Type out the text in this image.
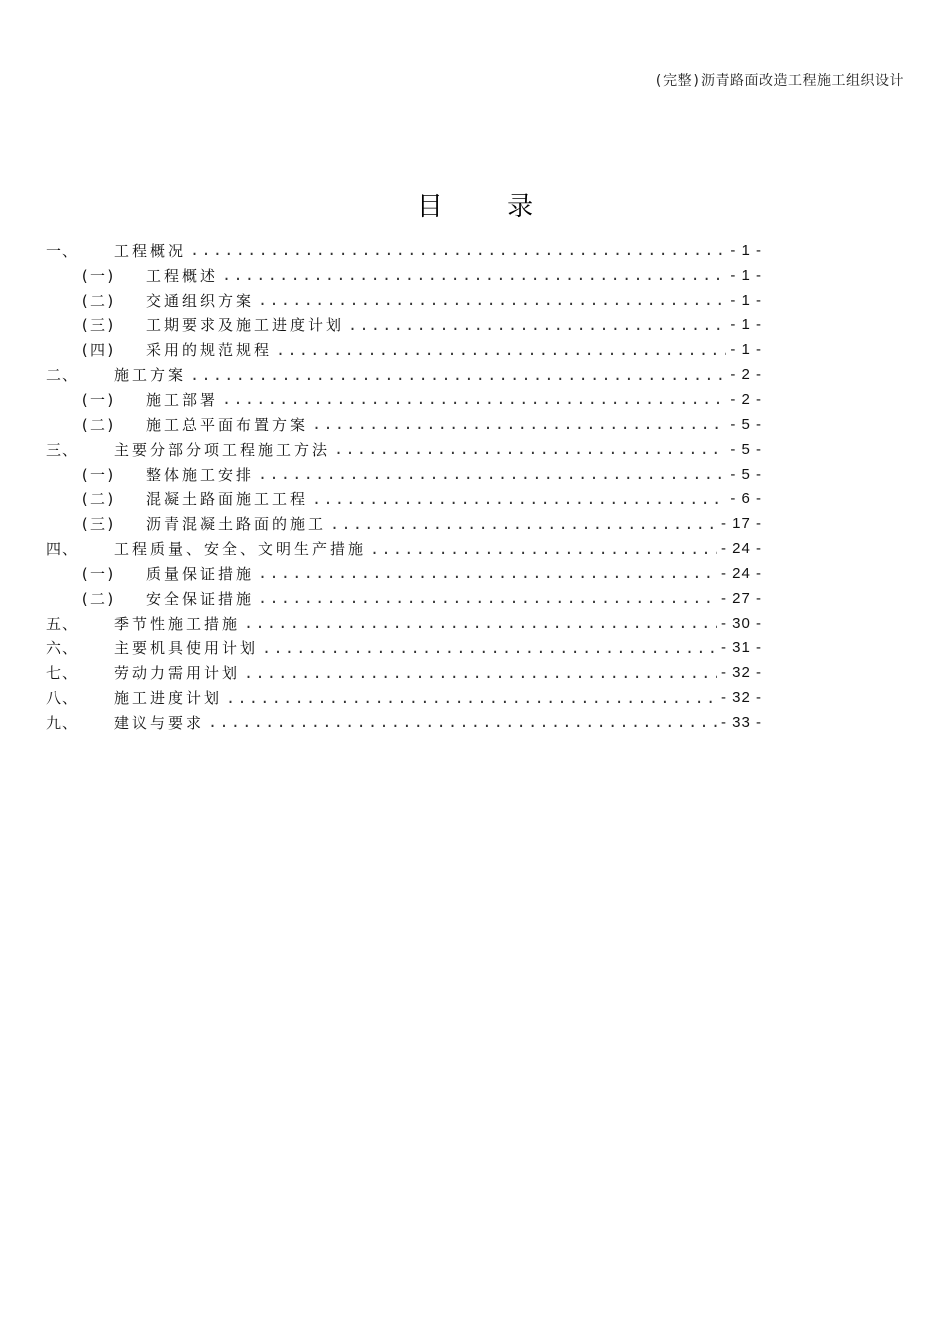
(完整)沥青路面改造工程施工组织设计
目 录
一、	工程概况 .....	- 1 -
(一)	工程概述 .....	- 1 -
(二)	交通组织方案 .....	- 1 -
(三)	工期要求及施工进度计划 .....	- 1 -
(四)	采用的规范规程 .....	- 1 -
二、	施工方案 .....	- 2 -
(一)	施工部署 .....	- 2 -
(二)	施工总平面布置方案 .....	- 5 -
三、	主要分部分项工程施工方法 .....	- 5 -
(一)	整体施工安排 .....	- 5 -
(二)	混凝土路面施工工程 .....	- 6 -
(三)	沥青混凝土路面的施工 .....	- 17 -
四、	工程质量、安全、文明生产措施 .....	- 24 -
(一)	质量保证措施 .....	- 24 -
(二)	安全保证措施 .....	- 27 -
五、	季节性施工措施 .....	- 30 -
六、	主要机具使用计划 .....	- 31 -
七、	劳动力需用计划 .....	- 32 -
八、	施工进度计划 .....	- 32 -
九、	建议与要求 .....	- 33 -
